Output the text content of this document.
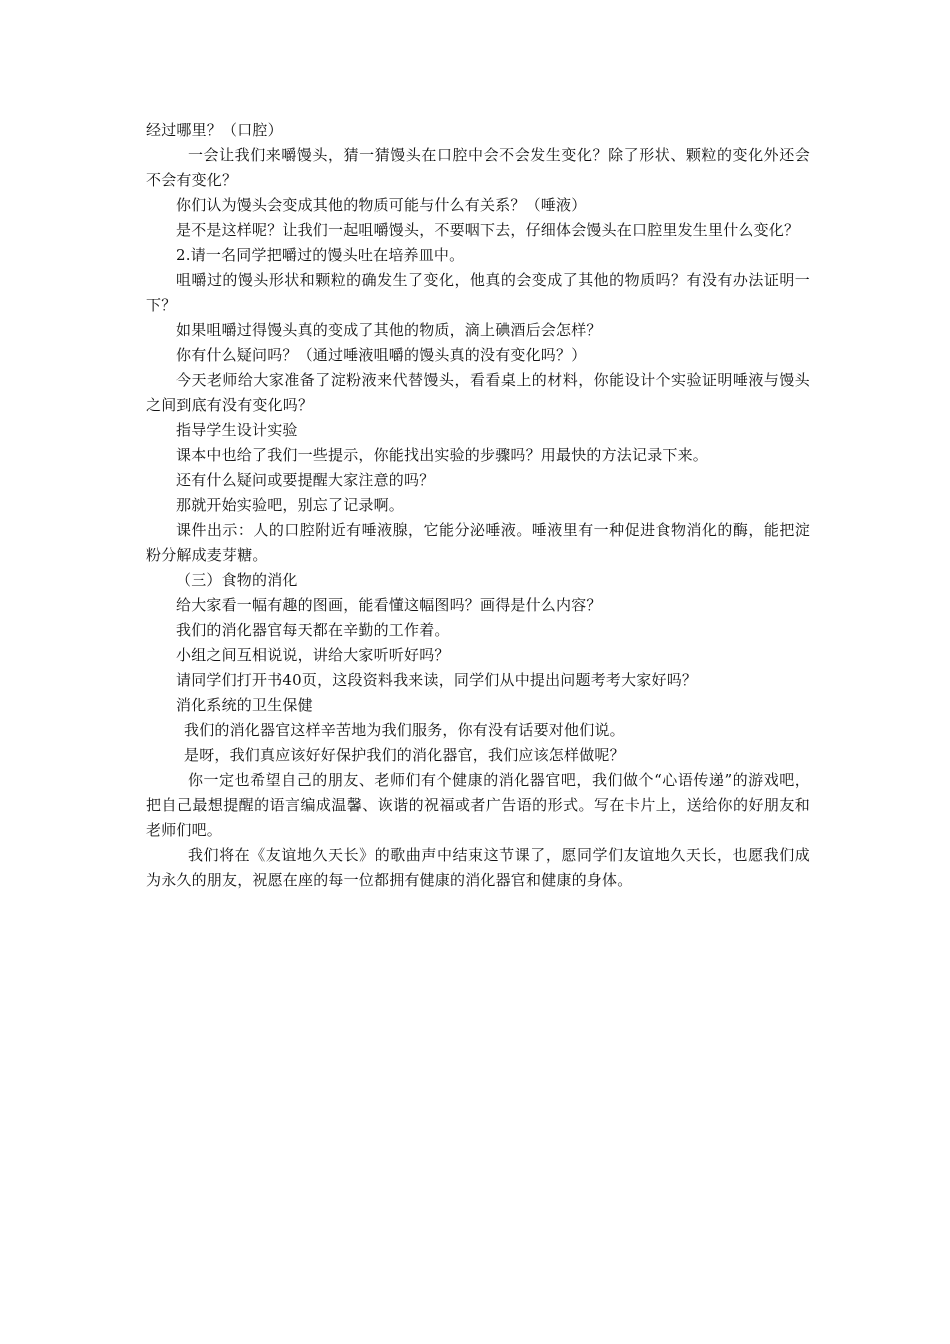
经过哪里？（口腔）

一会让我们来嚼馒头，猜一猜馒头在口腔中会不会发生变化？除了形状、颗粒的变化外还会不会有变化？

你们认为馒头会变成其他的物质可能与什么有关系？（唾液）

是不是这样呢？让我们一起咀嚼馒头，不要咽下去，仔细体会馒头在口腔里发生里什么变化？

2.请一名同学把嚼过的馒头吐在培养皿中。

咀嚼过的馒头形状和颗粒的确发生了变化，他真的会变成了其他的物质吗？有没有办法证明一下？

如果咀嚼过得馒头真的变成了其他的物质，滴上碘酒后会怎样？

你有什么疑问吗？（通过唾液咀嚼的馒头真的没有变化吗？）

今天老师给大家准备了淀粉液来代替馒头，看看桌上的材料，你能设计个实验证明唾液与馒头之间到底有没有变化吗？

指导学生设计实验

课本中也给了我们一些提示，你能找出实验的步骤吗？用最快的方法记录下来。

还有什么疑问或要提醒大家注意的吗？

那就开始实验吧，别忘了记录啊。

课件出示：人的口腔附近有唾液腺，它能分泌唾液。唾液里有一种促进食物消化的酶，能把淀粉分解成麦芽糖。

（三）食物的消化

给大家看一幅有趣的图画，能看懂这幅图吗？画得是什么内容？

我们的消化器官每天都在辛勤的工作着。

小组之间互相说说，讲给大家听听好吗？

请同学们打开书40页，这段资料我来读，同学们从中提出问题考考大家好吗？

消化系统的卫生保健

我们的消化器官这样辛苦地为我们服务，你有没有话要对他们说。

是呀，我们真应该好好保护我们的消化器官，我们应该怎样做呢？

你一定也希望自己的朋友、老师们有个健康的消化器官吧，我们做个“心语传递”的游戏吧，把自己最想提醒的语言编成温馨、诙谐的祝福或者广告语的形式。写在卡片上，送给你的好朋友和老师们吧。

我们将在《友谊地久天长》的歌曲声中结束这节课了，愿同学们友谊地久天长，也愿我们成为永久的朋友，祝愿在座的每一位都拥有健康的消化器官和健康的身体。
